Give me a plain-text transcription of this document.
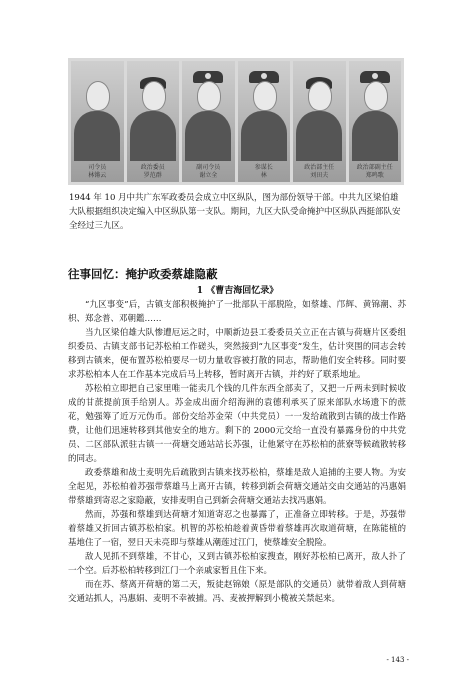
司令员
林锵云
政治委员
罗范群
副司令员
谢立全
参谋长
林
政治部主任
刘田夫
政治部副主任
郑鸣歌

1944 年 10 月中共广东军政委员会成立中区纵队，图为部份领导干部。中共九区梁伯雄大队根据组织决定编入中区纵队第一支队。期间，九区大队受命掩护中区纵队西挺部队安全经过三九区。

往事回忆：掩护政委蔡雄隐蔽
1 《曹吉海回忆录》

“九区事变”后，古镇支部积极掩护了一批部队干部脱险，如蔡雄、邝辉、黄锦潮、苏枳、郑念普、邓朝鑑……

当九区梁伯雄大队惨遭厄运之时，中顺新边县工委委员关立正在古镇与荷塘片区委组织委员、古镇支部书记苏松柏工作磋头，突然接到“九区事变”发生，估计突围的同志会转移到古镇来，便布置苏松柏要尽一切力量收容被打散的同志，帮助他们安全转移。同时要求苏松柏本人在工作基本完成后马上转移，暂时离开古镇，并约好了联系地址。

苏松柏立即把自己家里唯一能卖几个钱的几件东西全部卖了，又把一斤两未到时候收成的甘蔗提前顶手给别人。苏金成出面介绍海洲的袁德利承买了原来部队水场遗下的蔗花，勉强筹了近万元伪币。部份交给苏金荣（中共党员）一一发给疏散到古镇的战士作路费，让他们迅速转移到其他安全的地方。剩下的 2000元交给一直没有暴露身份的中共党员、二区部队派驻古镇一一荷塘交通站站长苏强，让他紧守在苏松柏的蔗寮等候疏散转移的同志。

政委蔡雄和战士麦明先后疏散到古镇来找苏松柏，蔡雄是敌人追捕的主要人物。为安全起见，苏松柏着苏强带蔡雄马上离开古镇，转移到新会荷塘交通站交由交通站的冯惠娟带蔡雄到寄忍之家隐蔽，安排麦明自己到新会荷塘交通站去找冯惠娟。

然而，苏强和蔡雄到达荷塘才知道寄忍之也暴露了，正准备立即转移。于是，苏强带着蔡雄又折回古镇苏松柏家。机智的苏松柏趁着黄昏带着蔡雄再次取道荷塘，在陈能植的基地住了一宿，翌日天未亮即与蔡雄从潮莲过江门，使蔡雄安全脱险。

敌人见抓不到蔡雄，不甘心，又到古镇苏松柏家搜查，刚好苏松柏已离开，敌人扑了一个空。后苏松柏转移到江门一个亲戚家暂且住下来。

而在苏、蔡离开荷塘的第二天，叛徒赵锦娘（原是部队的交通员）就带着敌人到荷塘交通站抓人，冯惠娟、麦明不幸被捕。冯、麦被押解到小榄被关禁起来。

- 143 -
